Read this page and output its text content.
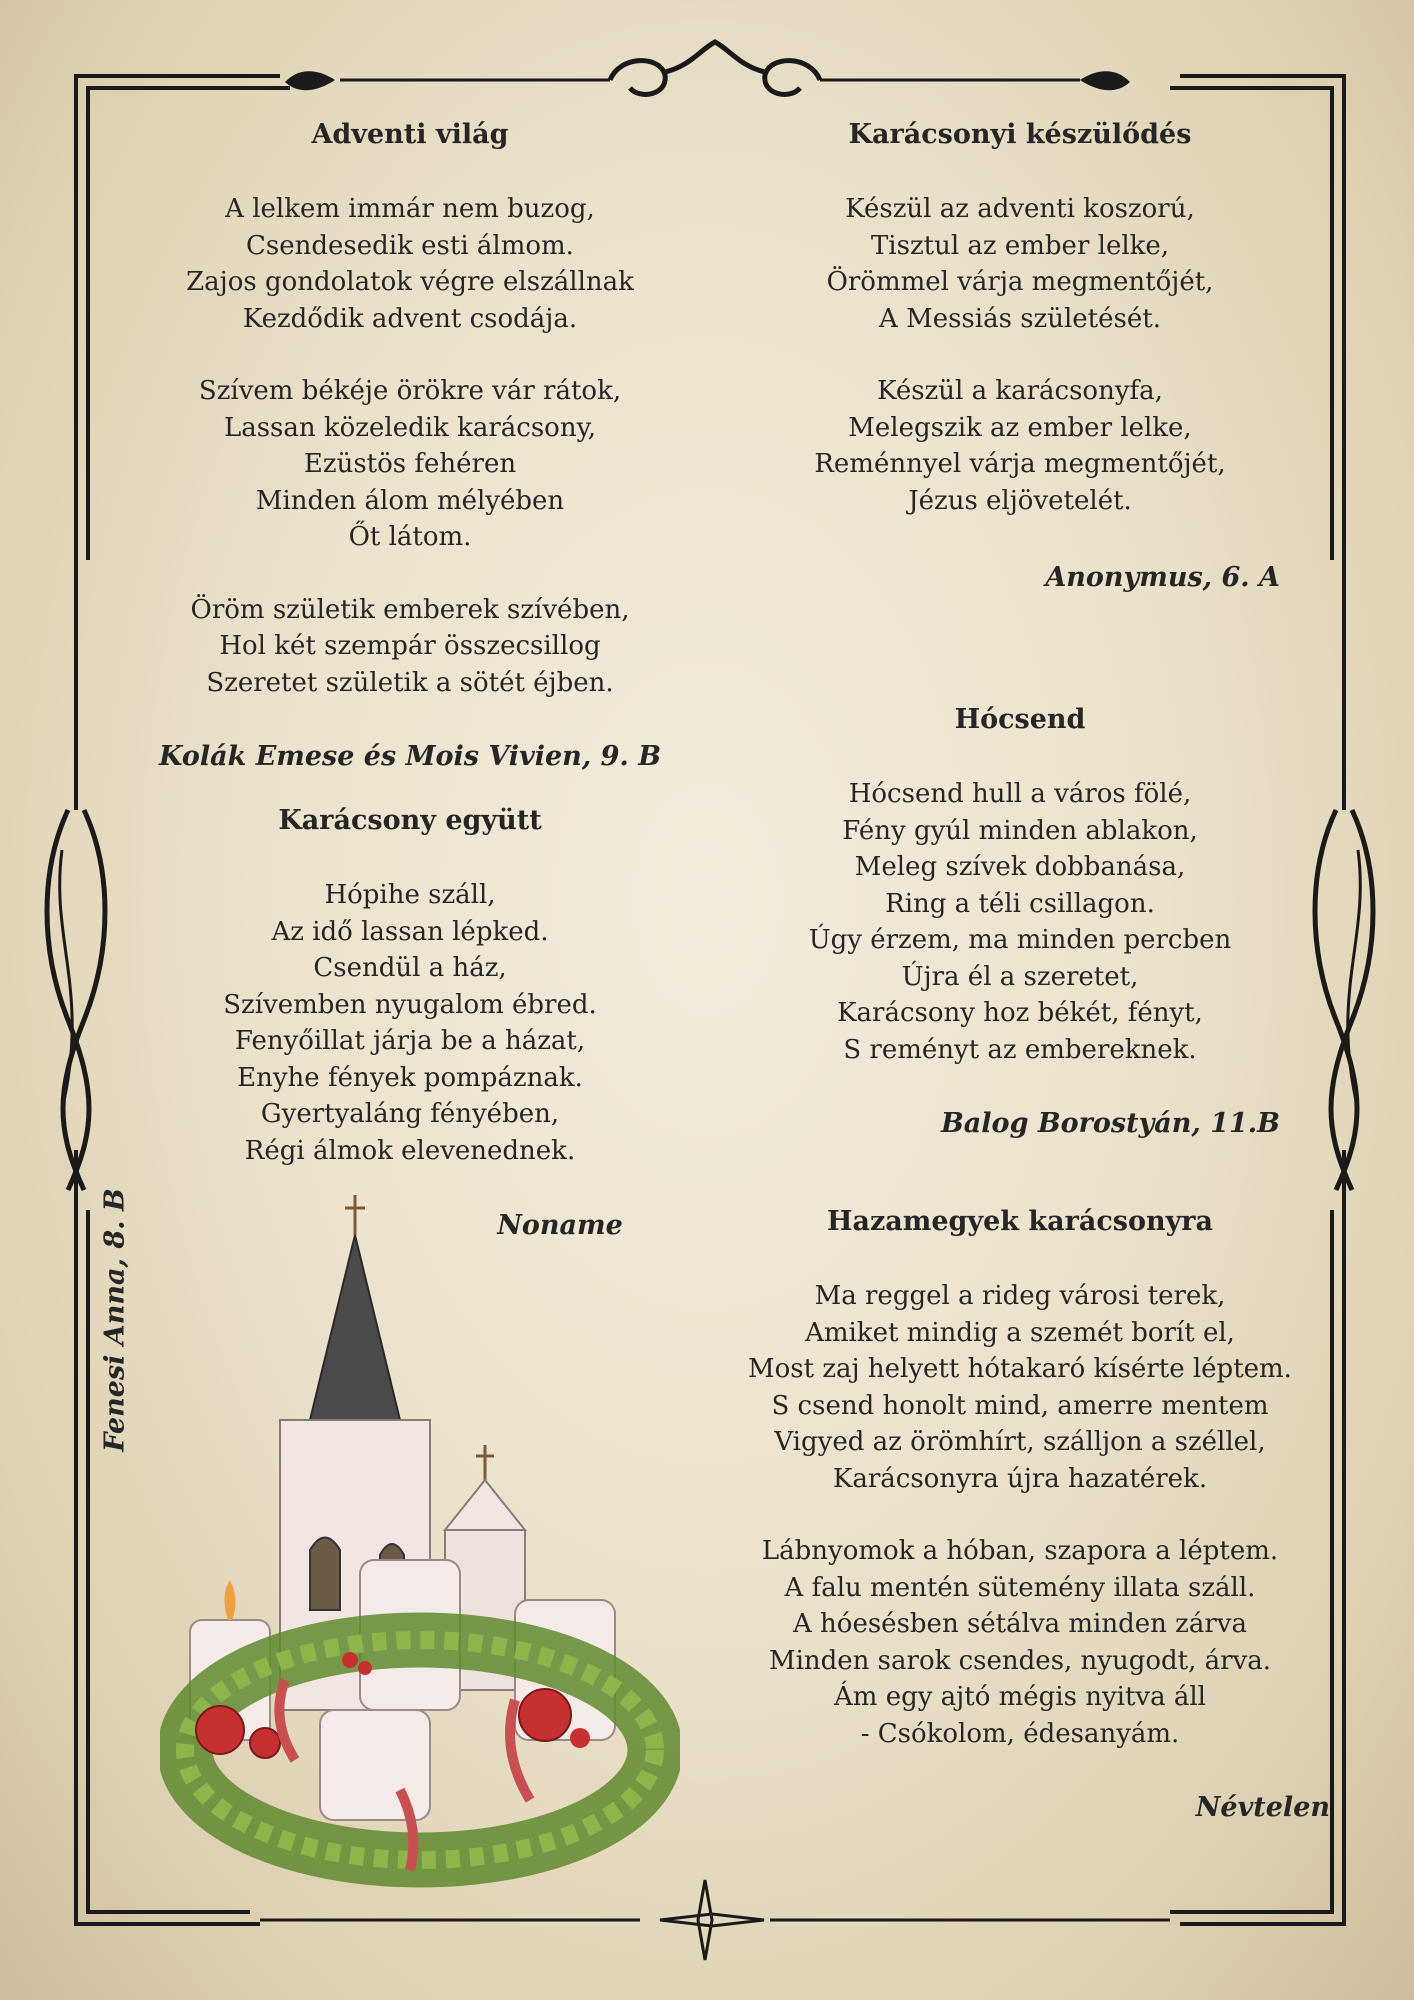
Adventi világ

A lelkem immár nem buzog,
Csendesedik esti álmom.
Zajos gondolatok végre elszállnak
Kezdődik advent csodája.

Szívem békéje örökre vár rátok,
Lassan közeledik karácsony,
Ezüstös fehéren
Minden álom mélyében
Őt látom.

Öröm születik emberek szívében,
Hol két szempár összecsillog
Szeretet születik a sötét éjben.

Kolák Emese és Mois Vivien, 9. B

Karácsony együtt

Hópihe száll,
Az idő lassan lépked.
Csendül a ház,
Szívemben nyugalom ébred.
Fenyőillat járja be a házat,
Enyhe fények pompáznak.
Gyertyaláng fényében,
Régi álmok elevenednek.

Noname

Fenesi Anna, 8. B

Karácsonyi készülődés

Készül az adventi koszorú,
Tisztul az ember lelke,
Örömmel várja megmentőjét,
A Messiás születését.

Készül a karácsonyfa,
Melegszik az ember lelke,
Reménnyel várja megmentőjét,
Jézus eljövetelét.

Anonymus, 6. A

Hócsend

Hócsend hull a város fölé,
Fény gyúl minden ablakon,
Meleg szívek dobbanása,
Ring a téli csillagon.
Úgy érzem, ma minden percben
Újra él a szeretet,
Karácsony hoz békét, fényt,
S reményt az embereknek.

Balog Borostyán, 11.B

Hazamegyek karácsonyra

Ma reggel a rideg városi terek,
Amiket mindig a szemét borít el,
Most zaj helyett hótakaró kísérte léptem.
S csend honolt mind, amerre mentem
Vigyed az örömhírt, szálljon a széllel,
Karácsonyra újra hazatérek.

Lábnyomok a hóban, szapora a léptem.
A falu mentén sütemény illata száll.
A hóesésben sétálva minden zárva
Minden sarok csendes, nyugodt, árva.
Ám egy ajtó mégis nyitva áll
- Csókolom, édesanyám.

Névtelen
